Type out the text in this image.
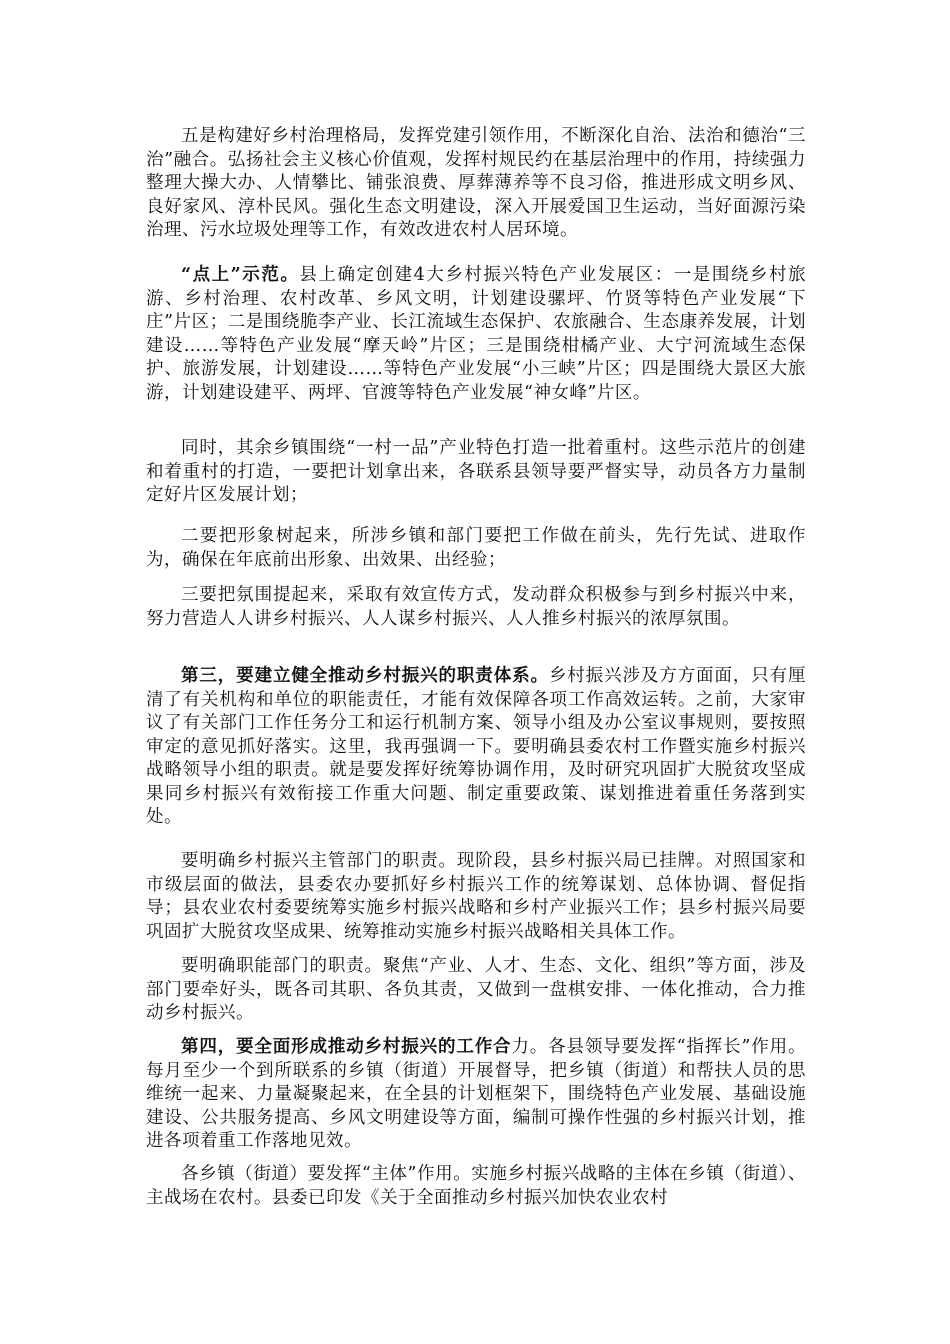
五是构建好乡村治理格局，发挥党建引领作用，不断深化自治、法治和德治“三治”融合。弘扬社会主义核心价值观，发挥村规民约在基层治理中的作用，持续强力整理大操大办、人情攀比、铺张浪费、厚葬薄养等不良习俗，推进形成文明乡风、良好家风、淳朴民风。强化生态文明建设，深入开展爱国卫生运动，当好面源污染治理、污水垃圾处理等工作，有效改进农村人居环境。

“点上”示范。县上确定创建4大乡村振兴特色产业发展区：一是围绕乡村旅游、乡村治理、农村改革、乡风文明，计划建设骡坪、竹贤等特色产业发展“下庄”片区；二是围绕脆李产业、长江流域生态保护、农旅融合、生态康养发展，计划建设……等特色产业发展“摩天岭”片区；三是围绕柑橘产业、大宁河流域生态保护、旅游发展，计划建设……等特色产业发展“小三峡”片区；四是围绕大景区大旅游，计划建设建平、两坪、官渡等特色产业发展“神女峰”片区。

同时，其余乡镇围绕“一村一品”产业特色打造一批着重村。这些示范片的创建和着重村的打造，一要把计划拿出来，各联系县领导要严督实导，动员各方力量制定好片区发展计划；

二要把形象树起来，所涉乡镇和部门要把工作做在前头，先行先试、进取作为，确保在年底前出形象、出效果、出经验；

三要把氛围提起来，采取有效宣传方式，发动群众积极参与到乡村振兴中来，努力营造人人讲乡村振兴、人人谋乡村振兴、人人推乡村振兴的浓厚氛围。

第三，要建立健全推动乡村振兴的职责体系。乡村振兴涉及方方面面，只有厘清了有关机构和单位的职能责任，才能有效保障各项工作高效运转。之前，大家审议了有关部门工作任务分工和运行机制方案、领导小组及办公室议事规则，要按照审定的意见抓好落实。这里，我再强调一下。要明确县委农村工作暨实施乡村振兴战略领导小组的职责。就是要发挥好统筹协调作用，及时研究巩固扩大脱贫攻坚成果同乡村振兴有效衔接工作重大问题、制定重要政策、谋划推进着重任务落到实处。

要明确乡村振兴主管部门的职责。现阶段，县乡村振兴局已挂牌。对照国家和市级层面的做法，县委农办要抓好乡村振兴工作的统筹谋划、总体协调、督促指导；县农业农村委要统筹实施乡村振兴战略和乡村产业振兴工作；县乡村振兴局要巩固扩大脱贫攻坚成果、统筹推动实施乡村振兴战略相关具体工作。

要明确职能部门的职责。聚焦“产业、人才、生态、文化、组织”等方面，涉及部门要牵好头，既各司其职、各负其责，又做到一盘棋安排、一体化推动，合力推动乡村振兴。

第四，要全面形成推动乡村振兴的工作合力。各县领导要发挥“指挥长”作用。每月至少一个到所联系的乡镇（街道）开展督导，把乡镇（街道）和帮扶人员的思维统一起来、力量凝聚起来，在全县的计划框架下，围绕特色产业发展、基础设施建设、公共服务提高、乡风文明建设等方面，编制可操作性强的乡村振兴计划，推进各项着重工作落地见效。

各乡镇（街道）要发挥“主体”作用。实施乡村振兴战略的主体在乡镇（街道）、主战场在农村。县委已印发《关于全面推动乡村振兴加快农业农村
